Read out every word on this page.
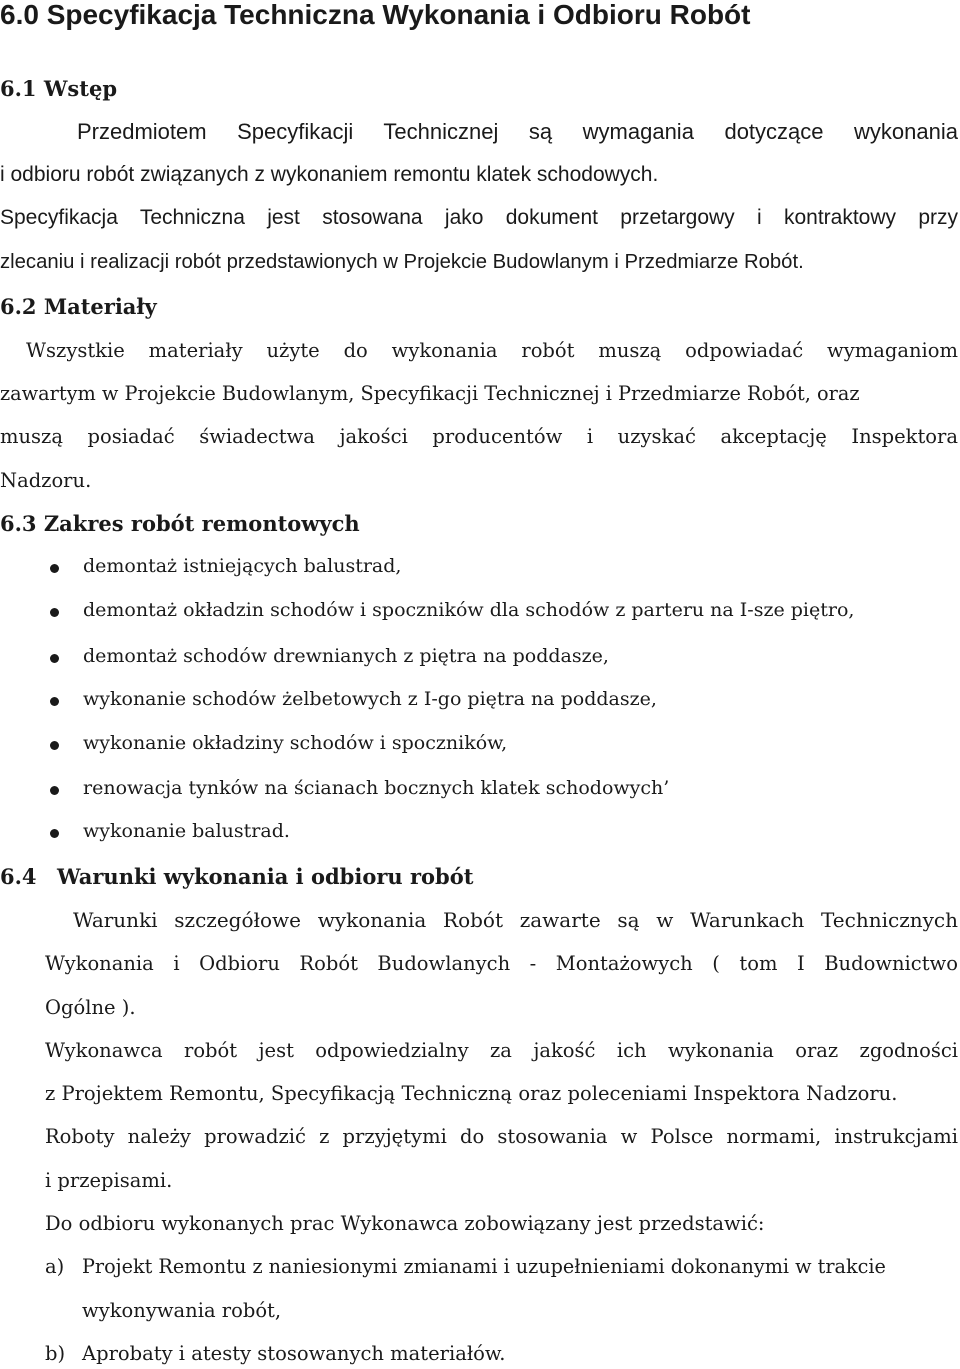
6.0 Specyfikacja Techniczna Wykonania i Odbioru Robót
6.1 Wstęp
Przedmiotem Specyfikacji Technicznej są wymagania dotyczące wykonania
i odbioru robót związanych z wykonaniem remontu klatek schodowych.
Specyfikacja Techniczna jest stosowana jako dokument przetargowy i kontraktowy przy
zlecaniu i realizacji robót przedstawionych w Projekcie Budowlanym i Przedmiarze Robót.
6.2 Materiały
Wszystkie materiały użyte do wykonania robót muszą odpowiadać wymaganiom
zawartym w Projekcie Budowlanym, Specyfikacji Technicznej i Przedmiarze Robót, oraz
muszą posiadać świadectwa jakości producentów i uzyskać akceptację Inspektora
Nadzoru.
6.3 Zakres robót remontowych
demontaż istniejących balustrad,
demontaż okładzin schodów i spoczników dla schodów z parteru na I-sze piętro,
demontaż schodów drewnianych z piętra na poddasze,
wykonanie schodów żelbetowych z I-go piętra na poddasze,
wykonanie okładziny schodów i spoczników,
renowacja tynków na ścianach bocznych klatek schodowych’
wykonanie balustrad.
6.4 Warunki wykonania i odbioru robót
Warunki szczegółowe wykonania Robót zawarte są w Warunkach Technicznych
Wykonania i Odbioru Robót Budowlanych - Montażowych ( tom I Budownictwo
Ogólne ).
Wykonawca robót jest odpowiedzialny za jakość ich wykonania oraz zgodności
z Projektem Remontu, Specyfikacją Techniczną oraz poleceniami Inspektora Nadzoru.
Roboty należy prowadzić z przyjętymi do stosowania w Polsce normami, instrukcjami
i przepisami.
Do odbioru wykonanych prac Wykonawca zobowiązany jest przedstawić:
a) Projekt Remontu z naniesionymi zmianami i uzupełnieniami dokonanymi w trakcie
wykonywania robót,
b) Aprobaty i atesty stosowanych materiałów.
